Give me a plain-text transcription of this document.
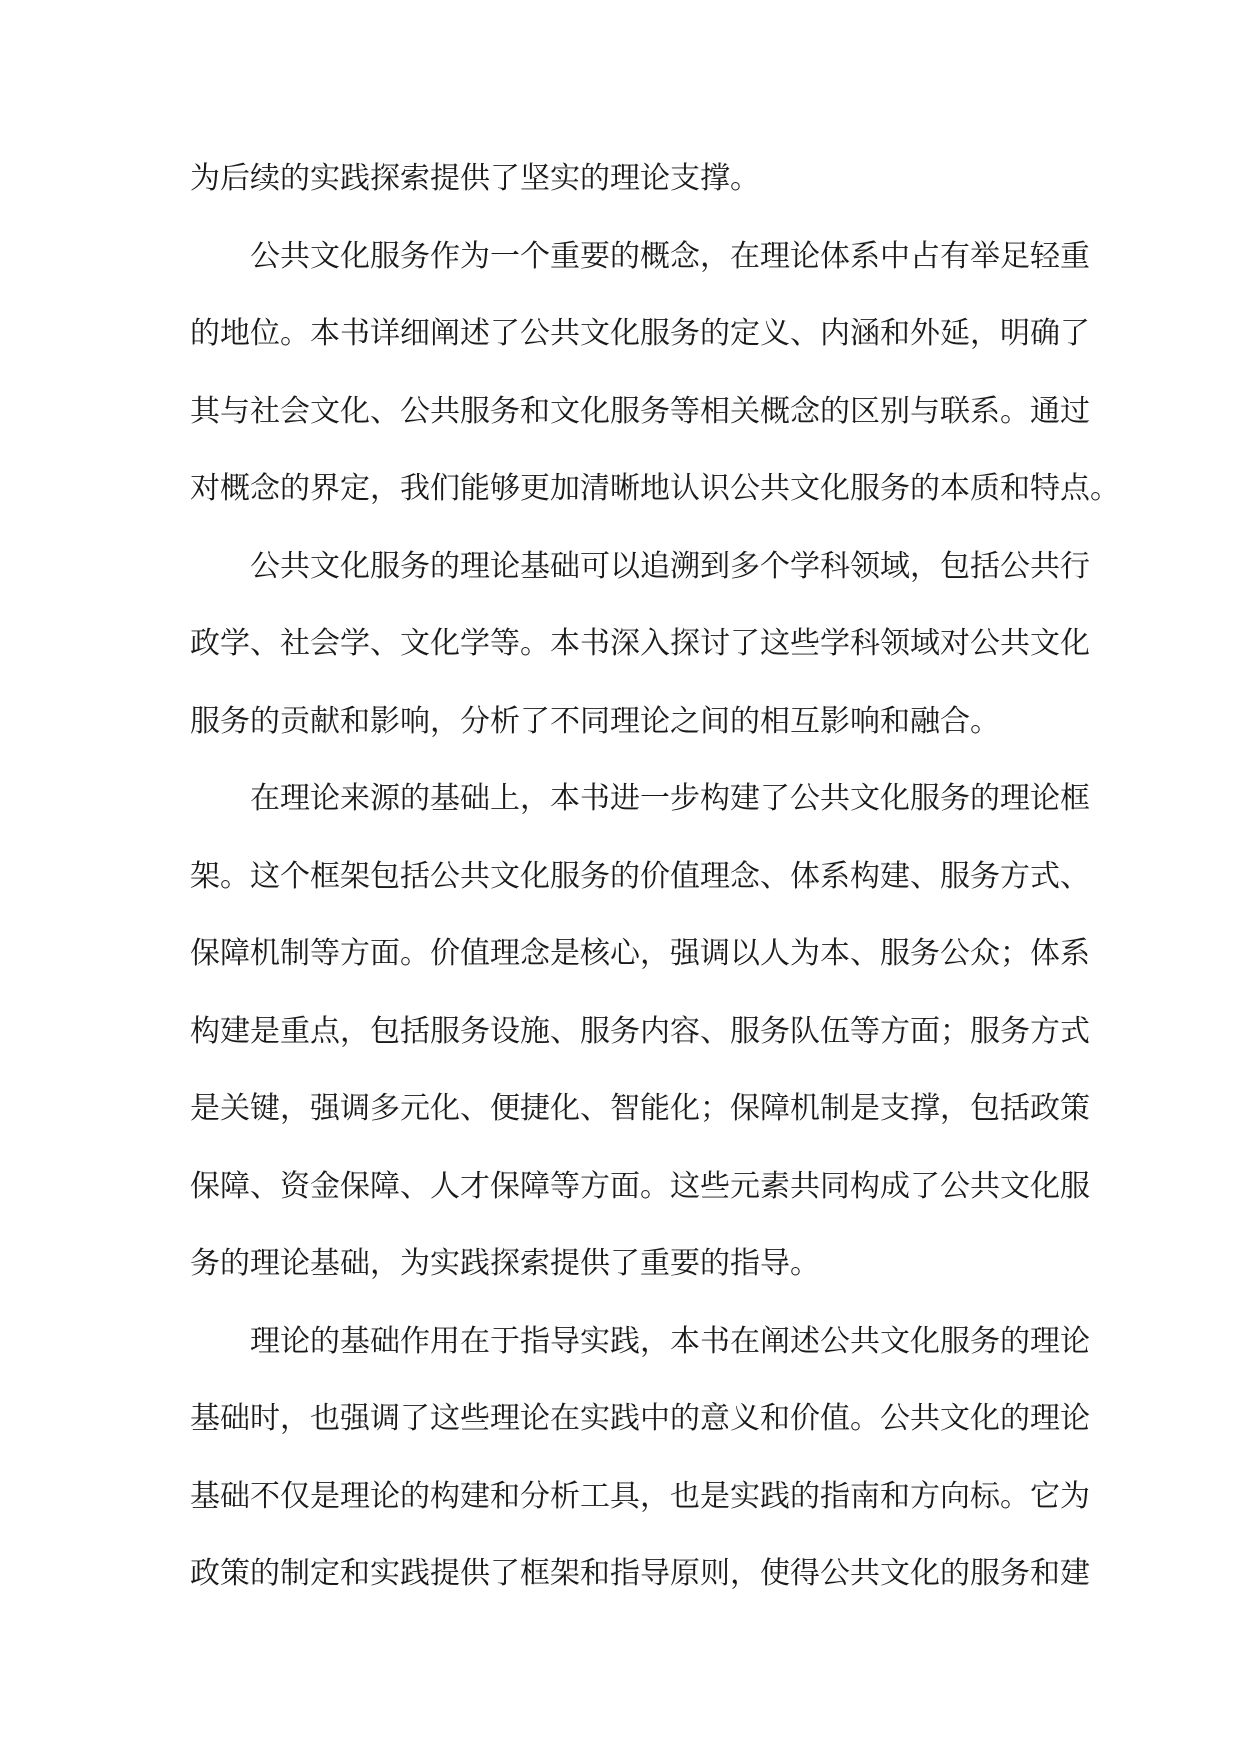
为后续的实践探索提供了坚实的理论支撑。
公共文化服务作为一个重要的概念，在理论体系中占有举足轻重
的地位。本书详细阐述了公共文化服务的定义、内涵和外延，明确了
其与社会文化、公共服务和文化服务等相关概念的区别与联系。通过
对概念的界定，我们能够更加清晰地认识公共文化服务的本质和特点。
公共文化服务的理论基础可以追溯到多个学科领域，包括公共行
政学、社会学、文化学等。本书深入探讨了这些学科领域对公共文化
服务的贡献和影响，分析了不同理论之间的相互影响和融合。
在理论来源的基础上，本书进一步构建了公共文化服务的理论框
架。这个框架包括公共文化服务的价值理念、体系构建、服务方式、
保障机制等方面。价值理念是核心，强调以人为本、服务公众；体系
构建是重点，包括服务设施、服务内容、服务队伍等方面；服务方式
是关键，强调多元化、便捷化、智能化；保障机制是支撑，包括政策
保障、资金保障、人才保障等方面。这些元素共同构成了公共文化服
务的理论基础，为实践探索提供了重要的指导。
理论的基础作用在于指导实践，本书在阐述公共文化服务的理论
基础时，也强调了这些理论在实践中的意义和价值。公共文化的理论
基础不仅是理论的构建和分析工具，也是实践的指南和方向标。它为
政策的制定和实践提供了框架和指导原则，使得公共文化的服务和建
